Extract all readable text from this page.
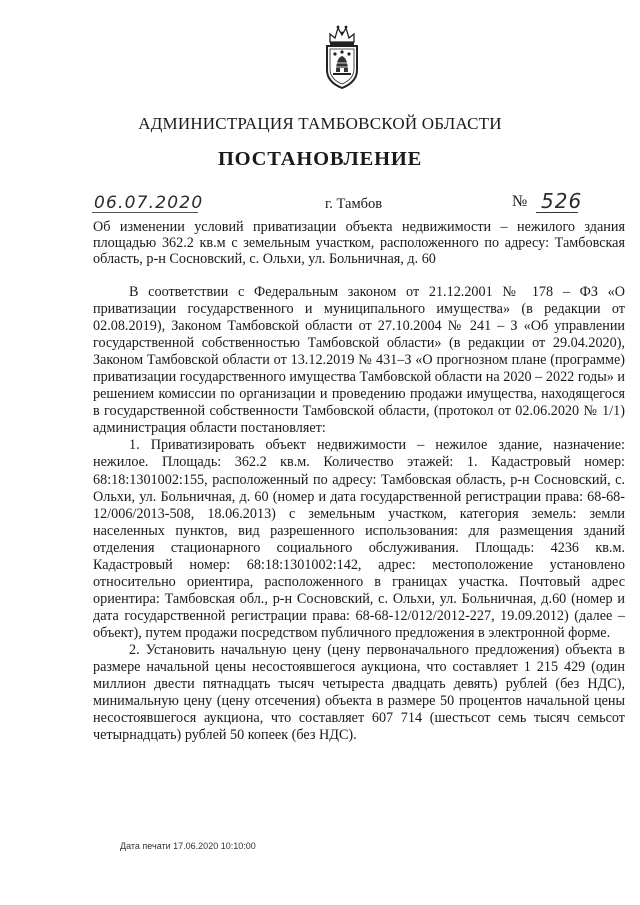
АДМИНИСТРАЦИЯ ТАМБОВСКОЙ ОБЛАСТИ
ПОСТАНОВЛЕНИЕ
06.07.2020	г. Тамбов	№ 526
Об изменении условий приватизации объекта недвижимости – нежилого здания площадью 362.2 кв.м с земельным участком, расположенного по адресу: Тамбовская область, р-н Сосновский, с. Ольхи, ул. Больничная, д. 60

В соответствии с Федеральным законом от 21.12.2001 № 178 – ФЗ «О приватизации государственного и муниципального имущества» (в редакции от 02.08.2019), Законом Тамбовской области от 27.10.2004 № 241 – З «Об управлении государственной собственностью Тамбовской области» (в редакции от 29.04.2020), Законом Тамбовской области от 13.12.2019 № 431–З «О прогнозном плане (программе) приватизации государственного имущества Тамбовской области на 2020 – 2022 годы» и решением комиссии по организации и проведению продажи имущества, находящегося в государственной собственности Тамбовской области, (протокол от 02.06.2020 № 1/1) администрация области постановляет:

1. Приватизировать объект недвижимости – нежилое здание, назначение: нежилое. Площадь: 362.2 кв.м. Количество этажей: 1. Кадастровый номер: 68:18:1301002:155, расположенный по адресу: Тамбовская область, р-н Сосновский, с. Ольхи, ул. Больничная, д. 60 (номер и дата государственной регистрации права: 68-68-12/006/2013-508, 18.06.2013) с земельным участком, категория земель: земли населенных пунктов, вид разрешенного использования: для размещения зданий отделения стационарного социального обслуживания. Площадь: 4236 кв.м. Кадастровый номер: 68:18:1301002:142, адрес: местоположение установлено относительно ориентира, расположенного в границах участка. Почтовый адрес ориентира: Тамбовская обл., р-н Сосновский, с. Ольхи, ул. Больничная, д.60 (номер и дата государственной регистрации права: 68-68-12/012/2012-227, 19.09.2012) (далее – объект), путем продажи посредством публичного предложения в электронной форме.

2. Установить начальную цену (цену первоначального предложения) объекта в размере начальной цены несостоявшегося аукциона, что составляет 1 215 429 (один миллион двести пятнадцать тысяч четыреста двадцать девять) рублей (без НДС), минимальную цену (цену отсечения) объекта в размере 50 процентов начальной цены несостоявшегося аукциона, что составляет 607 714 (шестьсот семь тысяч семьсот четырнадцать) рублей 50 копеек (без НДС).

Дата печати 17.06.2020 10:10:00
